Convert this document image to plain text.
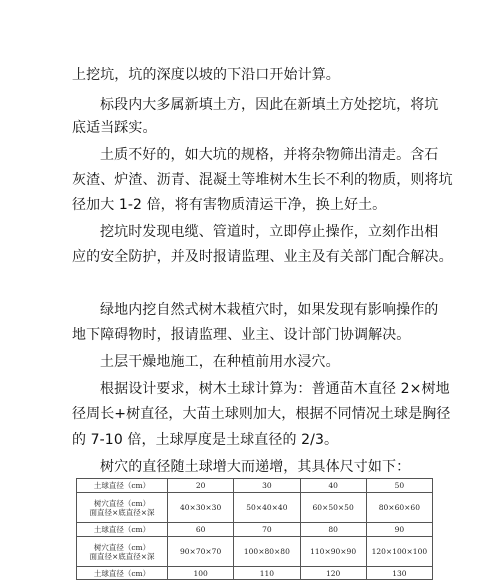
上挖坑，坑的深度以坡的下沿口开始计算。
标段内大多属新填土方，因此在新填土方处挖坑，将坑
底适当踩实。
土质不好的，如大坑的规格，并将杂物筛出清走。含石
灰渣、炉渣、沥青、混凝土等堆树木生长不利的物质，则将坑
径加大 1-2 倍，将有害物质清运干净，换上好土。
挖坑时发现电缆、管道时，立即停止操作，立刻作出相
应的安全防护，并及时报请监理、业主及有关部门配合解决。
绿地内挖自然式树木栽植穴时，如果发现有影响操作的
地下障碍物时，报请监理、业主、设计部门协调解决。
土层干燥地施工，在种植前用水浸穴。
根据设计要求，树木土球计算为：普通苗木直径 2×树地
径周长+树直径，大苗土球则加大，根据不同情况土球是胸径
的 7-10 倍，土球厚度是土球直径的 2/3。
树穴的直径随土球增大而递增，其具体尺寸如下：
土球直径（cm）	20	30	40	50

树穴直径（cm）
面直径×底直径×深	40×30×30	50×40×40	60×50×50	80×60×60
土球直径（cm）	60	70	80	90

树穴直径（cm）
面直径×底直径×深	90×70×70	100×80×80	110×90×90	120×100×100
土球直径（cm）	100	110	120	130
